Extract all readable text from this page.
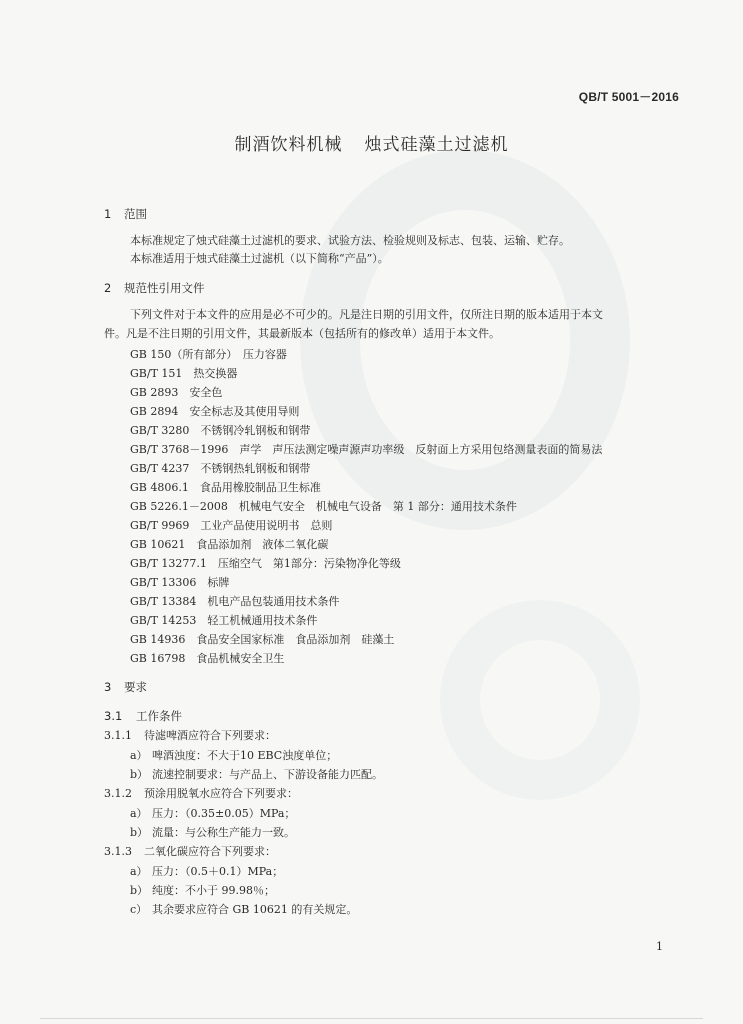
QB/T 5001－2016
制酒饮料机械 烛式硅藻土过滤机
1 范围
本标准规定了烛式硅藻土过滤机的要求、试验方法、检验规则及标志、包装、运输、贮存。
本标准适用于烛式硅藻土过滤机（以下简称“产品”）。
2 规范性引用文件
下列文件对于本文件的应用是必不可少的。凡是注日期的引用文件，仅所注日期的版本适用于本文
件。凡是不注日期的引用文件，其最新版本（包括所有的修改单）适用于本文件。
GB 150（所有部分）　压力容器
GB/T 151　热交换器
GB 2893　安全色
GB 2894　安全标志及其使用导则
GB/T 3280　不锈钢冷轧钢板和钢带
GB/T 3768－1996　声学　声压法测定噪声源声功率级　反射面上方采用包络测量表面的简易法
GB/T 4237　不锈钢热轧钢板和钢带
GB 4806.1　食品用橡胶制品卫生标准
GB 5226.1－2008　机械电气安全　机械电气设备　第 1 部分：通用技术条件
GB/T 9969　工业产品使用说明书　总则
GB 10621　食品添加剂　液体二氧化碳
GB/T 13277.1　压缩空气　第1部分：污染物净化等级
GB/T 13306　标牌
GB/T 13384　机电产品包装通用技术条件
GB/T 14253　轻工机械通用技术条件
GB 14936　食品安全国家标准　食品添加剂　硅藻土
GB 16798　食品机械安全卫生
3 要求
3.1 工作条件
3.1.1 待滤啤酒应符合下列要求：
a） 啤酒浊度：不大于10 EBC浊度单位；
b） 流速控制要求：与产品上、下游设备能力匹配。
3.1.2 预涂用脱氧水应符合下列要求：
a） 压力：（0.35±0.05）MPa；
b） 流量：与公称生产能力一致。
3.1.3 二氧化碳应符合下列要求：
a） 压力：（0.5＋0.1）MPa；
b） 纯度：不小于 99.98％；
c） 其余要求应符合 GB 10621 的有关规定。
1
